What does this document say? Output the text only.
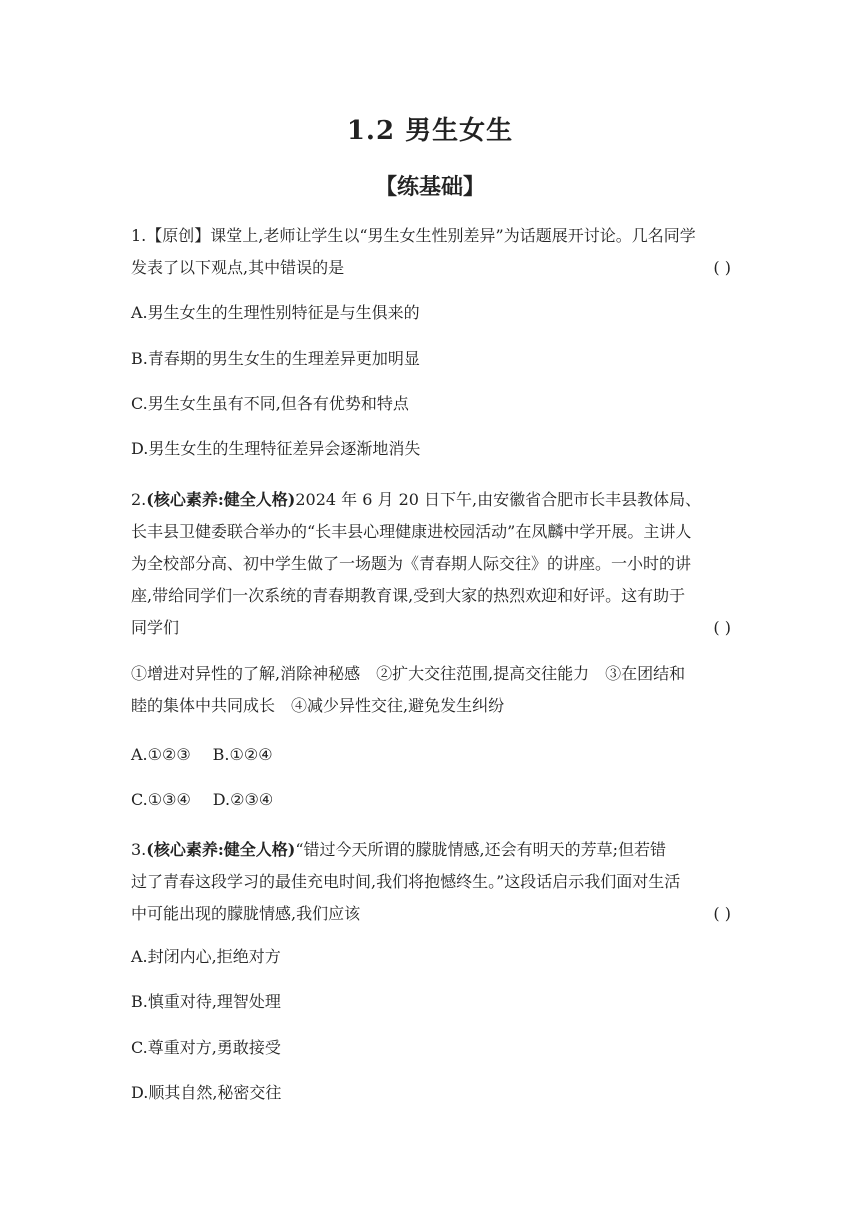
1.2 男生女生
【练基础】
1.【原创】课堂上,老师让学生以“男生女生性别差异”为话题展开讨论。几名同学
发表了以下观点,其中错误的是	( )
A.男生女生的生理性别特征是与生俱来的
B.青春期的男生女生的生理差异更加明显
C.男生女生虽有不同,但各有优势和特点
D.男生女生的生理特征差异会逐渐地消失
2.(核心素养:健全人格)2024 年 6 月 20 日下午,由安徽省合肥市长丰县教体局、
长丰县卫健委联合举办的“长丰县心理健康进校园活动”在凤麟中学开展。主讲人
为全校部分高、初中学生做了一场题为《青春期人际交往》的讲座。一小时的讲
座,带给同学们一次系统的青春期教育课,受到大家的热烈欢迎和好评。这有助于
同学们	( )
①增进对异性的了解,消除神秘感　②扩大交往范围,提高交往能力　③在团结和
睦的集体中共同成长　④减少异性交往,避免发生纠纷
A.①②③ B.①②④
C.①③④ D.②③④
3.(核心素养:健全人格)“错过今天所谓的朦胧情感,还会有明天的芳草;但若错
过了青春这段学习的最佳充电时间,我们将抱憾终生。”这段话启示我们面对生活
中可能出现的朦胧情感,我们应该	( )
A.封闭内心,拒绝对方
B.慎重对待,理智处理
C.尊重对方,勇敢接受
D.顺其自然,秘密交往
